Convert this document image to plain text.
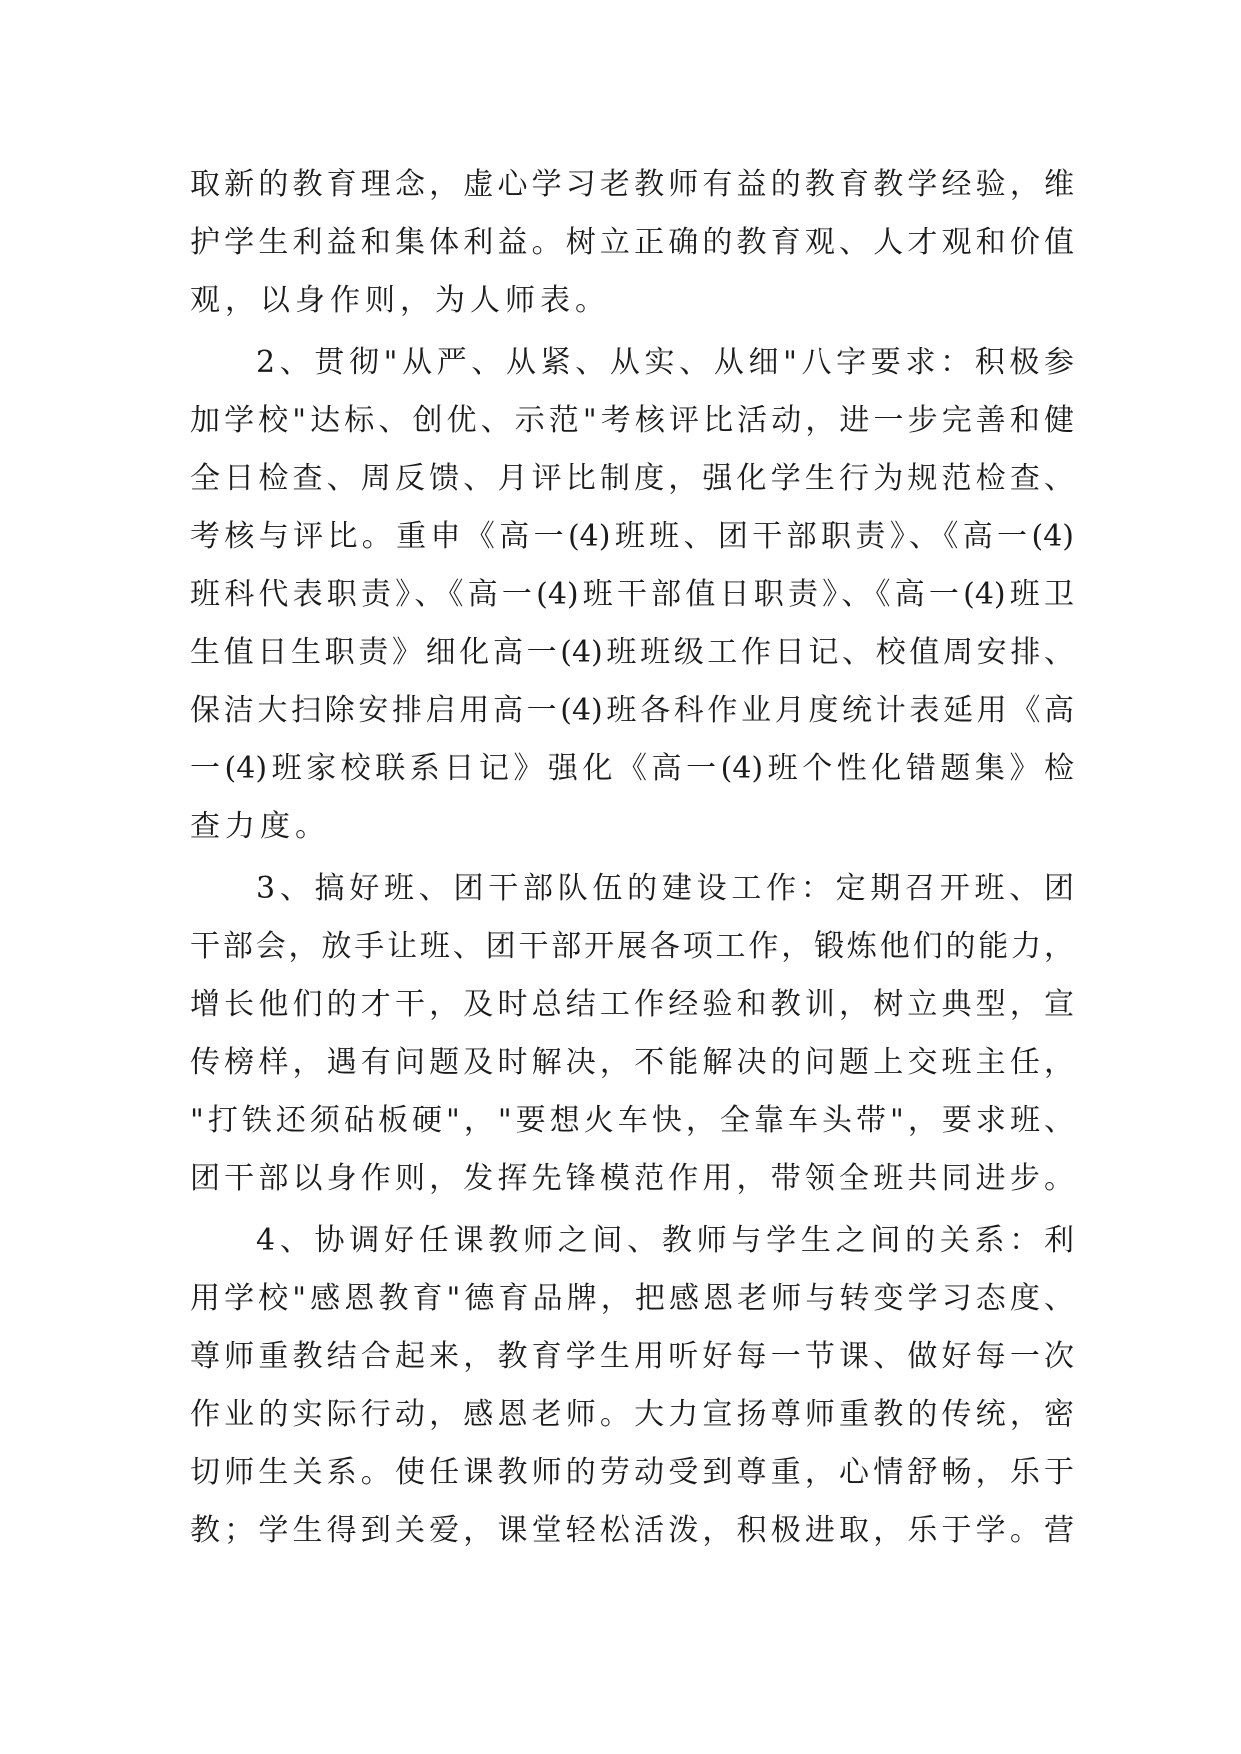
取新的教育理念，虚心学习老教师有益的教育教学经验，维
护学生利益和集体利益。树立正确的教育观、人才观和价值
观，以身作则，为人师表。
2、贯彻"从严、从紧、从实、从细"八字要求：积极参
加学校"达标、创优、示范"考核评比活动，进一步完善和健
全日检查、周反馈、月评比制度，强化学生行为规范检查、
考核与评比。重申《高一(4)班班、团干部职责》、《高一(4)
班科代表职责》、《高一(4)班干部值日职责》、《高一(4)班卫
生值日生职责》细化高一(4)班班级工作日记、校值周安排、
保洁大扫除安排启用高一(4)班各科作业月度统计表延用《高
一(4)班家校联系日记》强化《高一(4)班个性化错题集》检
查力度。
3、搞好班、团干部队伍的建设工作：定期召开班、团
干部会，放手让班、团干部开展各项工作，锻炼他们的能力，
增长他们的才干，及时总结工作经验和教训，树立典型，宣
传榜样，遇有问题及时解决，不能解决的问题上交班主任，
"打铁还须砧板硬"，"要想火车快，全靠车头带"，要求班、
团干部以身作则，发挥先锋模范作用，带领全班共同进步。
4、协调好任课教师之间、教师与学生之间的关系：利
用学校"感恩教育"德育品牌，把感恩老师与转变学习态度、
尊师重教结合起来，教育学生用听好每一节课、做好每一次
作业的实际行动，感恩老师。大力宣扬尊师重教的传统，密
切师生关系。使任课教师的劳动受到尊重，心情舒畅，乐于
教；学生得到关爱，课堂轻松活泼，积极进取，乐于学。营
